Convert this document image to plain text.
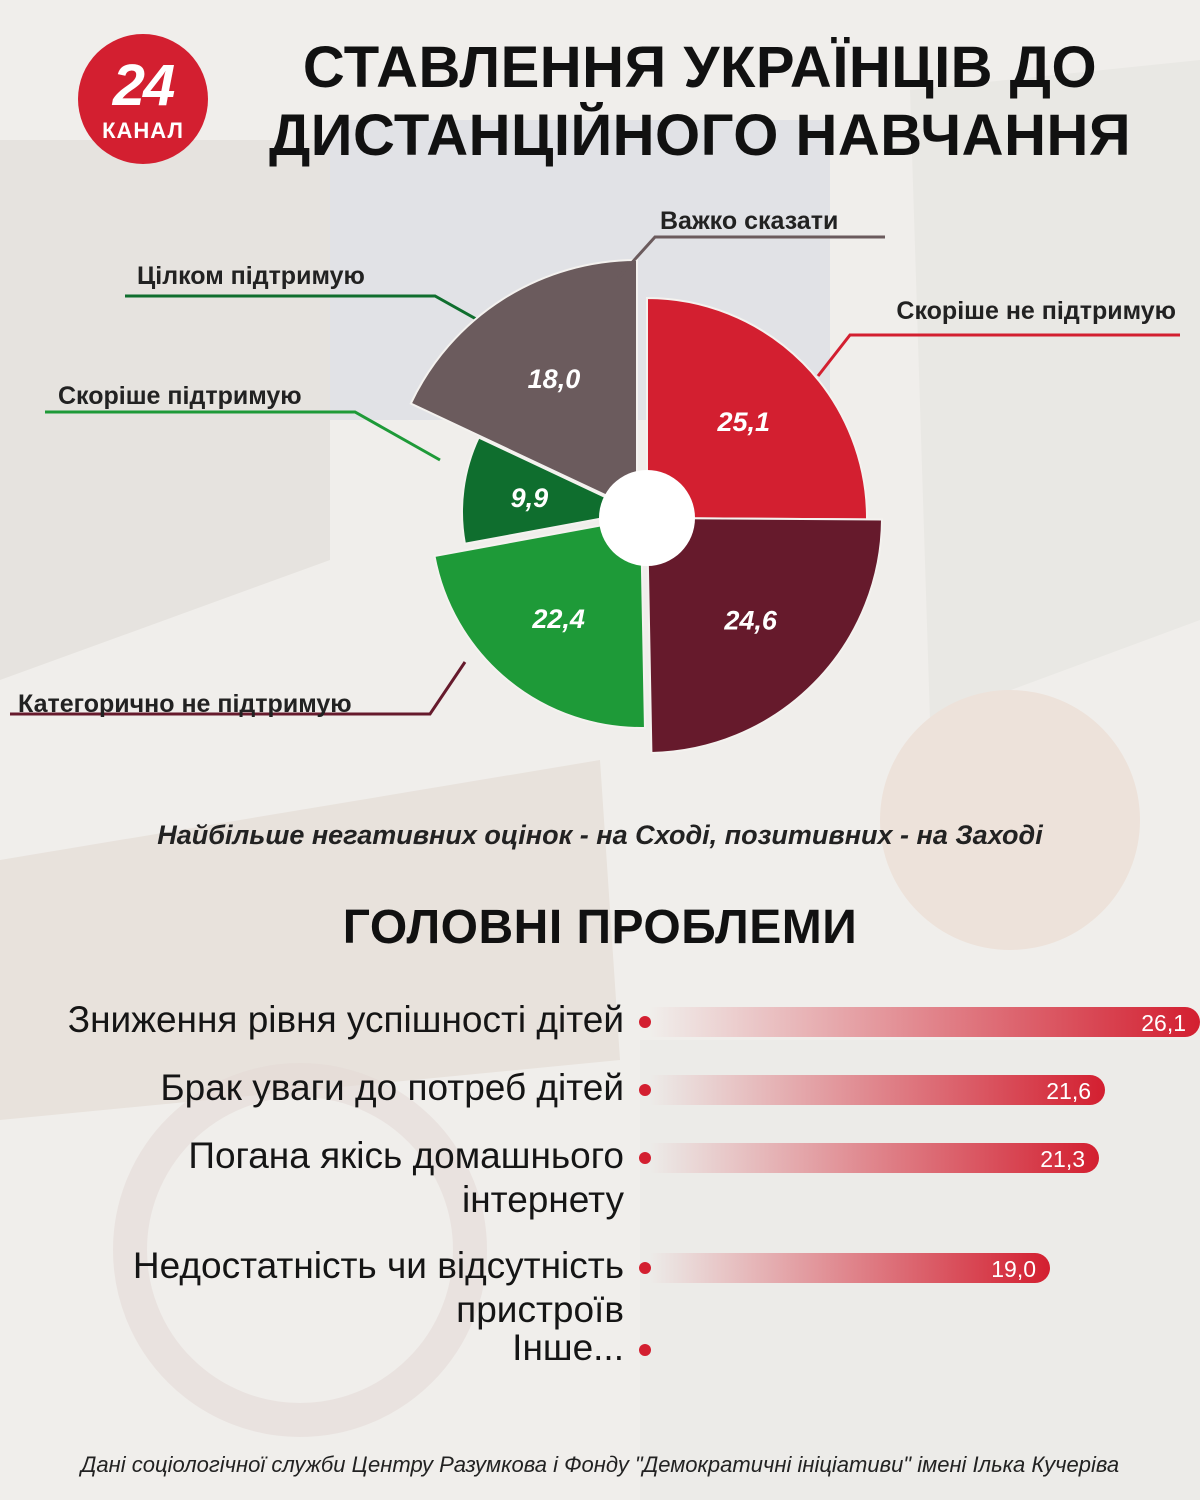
24
КАНАЛ
СТАВЛЕННЯ УКРАЇНЦІВ ДО
ДИСТАНЦІЙНОГО НАВЧАННЯ
25,1
Скоріше не підтримую
24,6
Категорично не підтримую
22,4
Скоріше підтримую
9,9
Цілком підтримую
18,0
Важко сказати
Найбільше негативних оцінок - на Сході, позитивних - на Заході
ГОЛОВНІ ПРОБЛЕМИ
Зниження рівня успішності дітей	26,1
Брак уваги до потреб дітей	21,6
Погана якісь домашнього
інтернету
21,3
Недостатність чи відсутність
пристроїв
19,0
Інше...
Дані соціологічної служби Центру Разумкова і Фонду "Демократичні ініціативи" імені Ілька Кучеріва
